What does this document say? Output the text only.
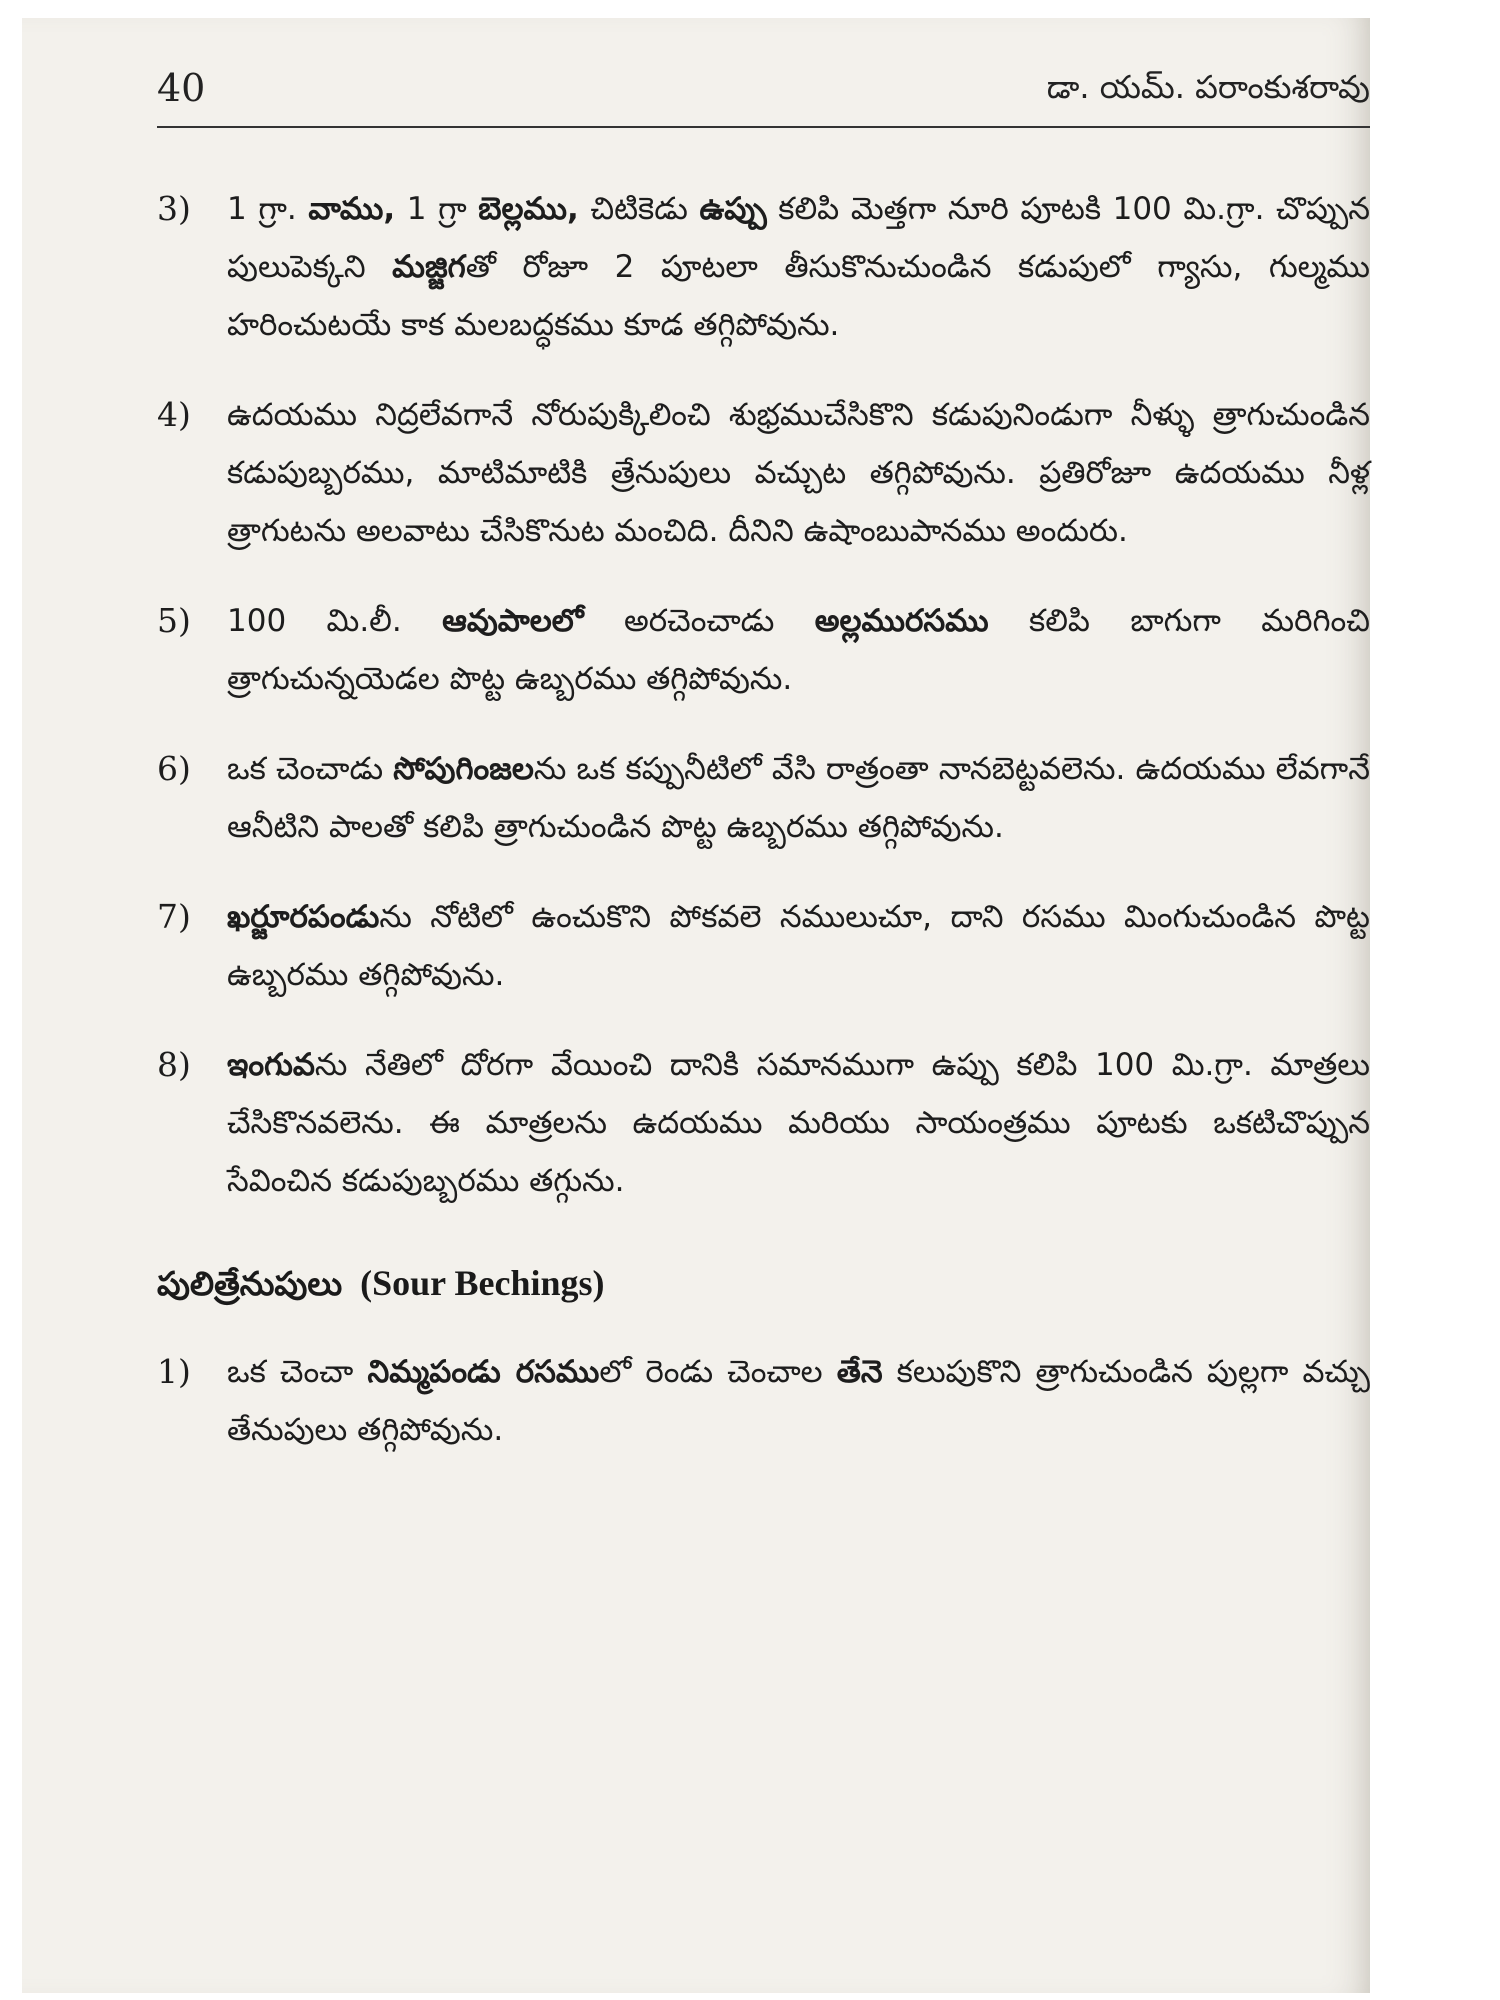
40	డా. యమ్. పరాంకుశరావు
3) 1 గ్రా. వాము, 1 గ్రా బెల్లము, చిటికెడు ఉప్పు కలిపి మెత్తగా నూరి పూటకి 100 మి.గ్రా. చొప్పున పులుపెక్కని మజ్జిగతో రోజూ 2 పూటలా తీసుకొనుచుండిన కడుపులో గ్యాసు, గుల్మము హరించుటయే కాక మలబద్ధకము కూడ తగ్గిపోవును.
4) ఉదయము నిద్రలేవగానే నోరుపుక్కిలించి శుభ్రముచేసికొని కడుపునిండుగా నీళ్ళు త్రాగుచుండిన కడుపుబ్బరము, మాటిమాటికి త్రేనుపులు వచ్చుట తగ్గిపోవును. ప్రతిరోజూ ఉదయము నీళ్ల త్రాగుటను అలవాటు చేసికొనుట మంచిది. దీనిని ఉషాంబుపానము అందురు.
5) 100 మి.లీ. ఆవుపాలలో అరచెంచాడు అల్లమురసము కలిపి బాగుగా మరిగించి త్రాగుచున్నయెడల పొట్ట ఉబ్బరము తగ్గిపోవును.
6) ఒక చెంచాడు సోపుగింజలను ఒక కప్పునీటిలో వేసి రాత్రంతా నానబెట్టవలెను. ఉదయము లేవగానే ఆనీటిని పాలతో కలిపి త్రాగుచుండిన పొట్ట ఉబ్బరము తగ్గిపోవును.
7) ఖర్జూరపండును నోటిలో ఉంచుకొని పోకవలె నములుచూ, దాని రసము మింగుచుండిన పొట్ట ఉబ్బరము తగ్గిపోవును.
8) ఇంగువను నేతిలో దోరగా వేయించి దానికి సమానముగా ఉప్పు కలిపి 100 మి.గ్రా. మాత్రలు చేసికొనవలెను. ఈ మాత్రలను ఉదయము మరియు సాయంత్రము పూటకు ఒకటిచొప్పున సేవించిన కడుపుబ్బరము తగ్గును.
పులిత్రేనుపులు (Sour Bechings)
1) ఒక చెంచా నిమ్మపండు రసములో రెండు చెంచాల తేనె కలుపుకొని త్రాగుచుండిన పుల్లగా వచ్చు తేనుపులు తగ్గిపోవును.
